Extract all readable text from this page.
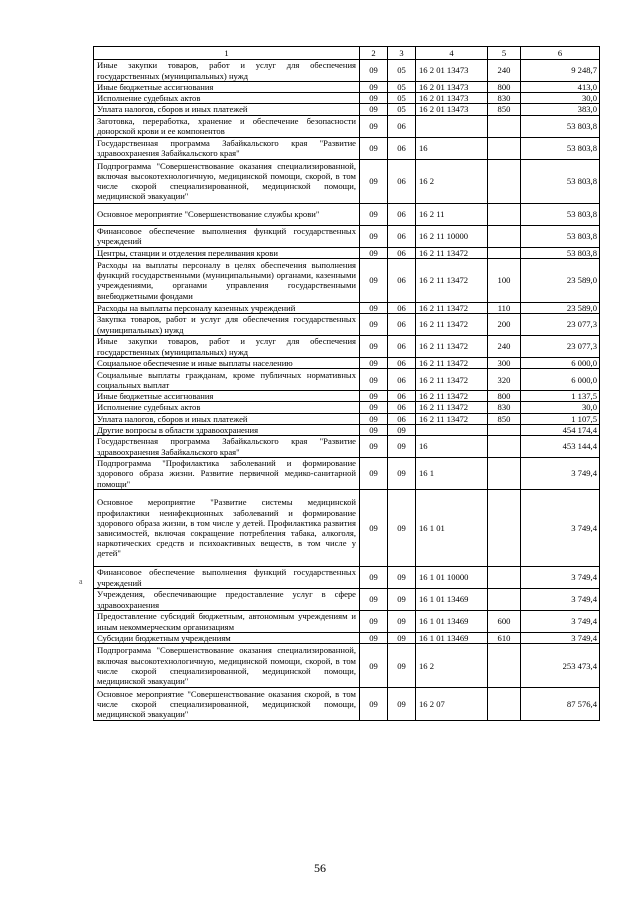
1	2	3	4	5	6
Иные закупки товаров, работ и услуг для обеспечения государственных (муниципальных) нужд	09	05	16 2 01 13473	240	9 248,7
Иные бюджетные ассигнования	09	05	16 2 01 13473	800	413,0
Исполнение судебных актов	09	05	16 2 01 13473	830	30,0
Уплата налогов, сборов и иных платежей	09	05	16 2 01 13473	850	383,0
Заготовка, переработка, хранение и обеспечение безопасности донорской крови и ее компонентов	09	06			53 803,8
Государственная программа Забайкальского края "Развитие здравоохранения Забайкальского края"	09	06	16		53 803,8
Подпрограмма "Совершенствование оказания специализированной, включая высокотехнологичную, медицинской помощи, скорой, в том числе скорой специализированной, медицинской помощи, медицинской эвакуации"	09	06	16 2		53 803,8
Основное мероприятие "Совершенствование службы крови"	09	06	16 2 11		53 803,8
Финансовое обеспечение выполнения функций государственных учреждений	09	06	16 2 11 10000		53 803,8
Центры, станции и отделения переливания крови	09	06	16 2 11 13472		53 803,8
Расходы на выплаты персоналу в целях обеспечения выполнения функций государственными (муниципальными) органами, казенными учреждениями, органами управления государственными внебюджетными фондами	09	06	16 2 11 13472	100	23 589,0
Расходы на выплаты персоналу казенных учреждений	09	06	16 2 11 13472	110	23 589,0
Закупка товаров, работ и услуг для обеспечения государственных (муниципальных) нужд	09	06	16 2 11 13472	200	23 077,3
Иные закупки товаров, работ и услуг для обеспечения государственных (муниципальных) нужд	09	06	16 2 11 13472	240	23 077,3
Социальное обеспечение и иные выплаты населению	09	06	16 2 11 13472	300	6 000,0
Социальные выплаты гражданам, кроме публичных нормативных социальных выплат	09	06	16 2 11 13472	320	6 000,0
Иные бюджетные ассигнования	09	06	16 2 11 13472	800	1 137,5
Исполнение судебных актов	09	06	16 2 11 13472	830	30,0
Уплата налогов, сборов и иных платежей	09	06	16 2 11 13472	850	1 107,5
Другие вопросы в области здравоохранения	09	09			454 174,4
Государственная программа Забайкальского края "Развитие здравоохранения Забайкальского края"	09	09	16		453 144,4
Подпрограмма "Профилактика заболеваний и формирование здорового образа жизни. Развитие первичной медико-санитарной помощи"	09	09	16 1		3 749,4
Основное мероприятие "Развитие системы медицинской профилактики неинфекционных заболеваний и формирование здорового образа жизни, в том числе у детей. Профилактика развития зависимостей, включая сокращение потребления табака, алкоголя, наркотических средств и психоактивных веществ, в том числе у детей"	09	09	16 1 01		3 749,4
Финансовое обеспечение выполнения функций государственных учреждений	09	09	16 1 01 10000		3 749,4
Учреждения, обеспечивающие предоставление услуг в сфере здравоохранения	09	09	16 1 01 13469		3 749,4
Предоставление субсидий бюджетным, автономным учреждениям и иным некоммерческим организациям	09	09	16 1 01 13469	600	3 749,4
Субсидии бюджетным учреждениям	09	09	16 1 01 13469	610	3 749,4
Подпрограмма "Совершенствование оказания специализированной, включая высокотехнологичную, медицинской помощи, скорой, в том числе скорой специализированной, медицинской помощи, медицинской эвакуации"	09	09	16 2		253 473,4
Основное мероприятие "Совершенствование оказания скорой, в том числе скорой специализированной, медицинской помощи, медицинской эвакуации"	09	09	16 2 07		87 576,4
56
а
